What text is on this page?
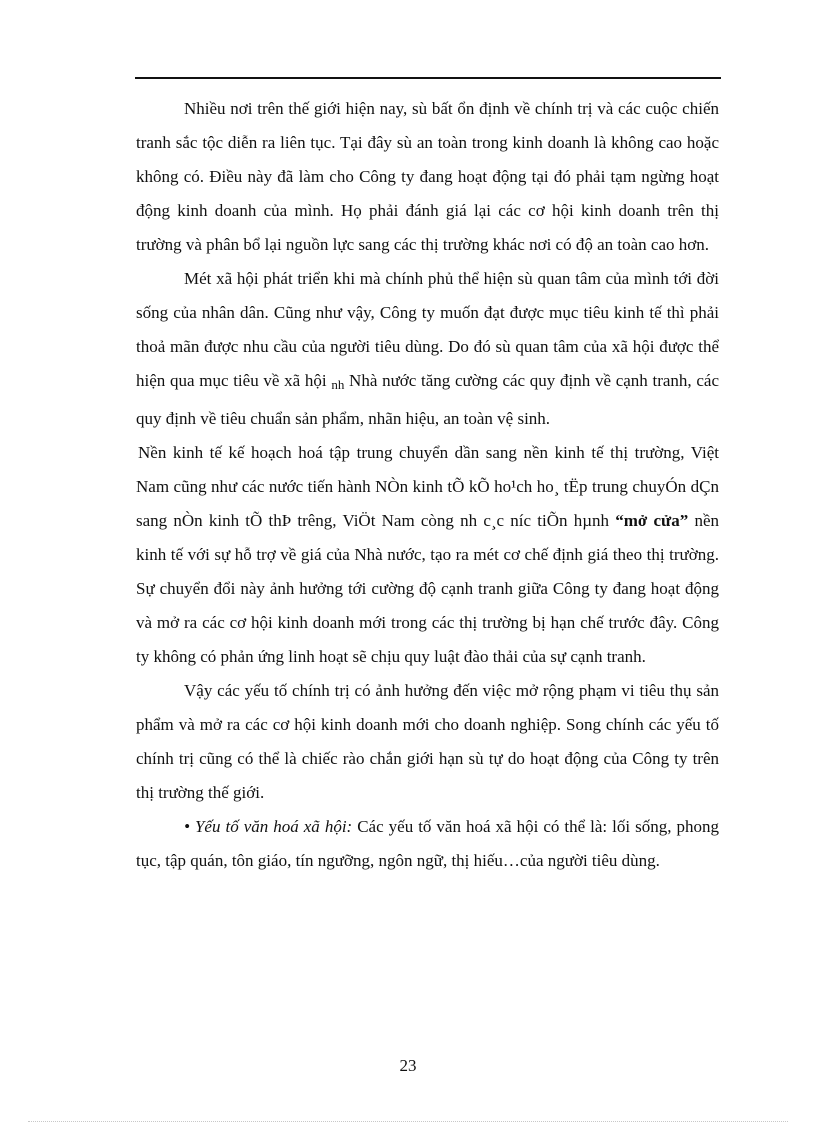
Nhiều nơi trên thế giới hiện nay, sù bất ổn định về chính trị và các cuộc chiến tranh sắc tộc diễn ra liên tục. Tại đây sù an toàn trong kinh doanh là không cao hoặc không có. Điều này đã làm cho Công ty đang hoạt động tại đó phải tạm ngừng hoạt động kinh doanh của mình. Họ phải đánh giá lại các cơ hội kinh doanh trên thị trường và phân bổ lại nguồn lực sang các thị trường khác nơi có độ an toàn cao hơn.

Mét xã hội phát triển khi mà chính phủ thể hiện sù quan tâm của mình tới đời sống của nhân dân. Cũng như vậy, Công ty muốn đạt được mục tiêu kinh tế thì phải thoả mãn được nhu cầu của người tiêu dùng. Do đó sù quan tâm của xã hội được thể hiện qua mục tiêu về xã hội nh Nhà nước tăng cường các quy định về cạnh tranh, các quy định về tiêu chuẩn sản phẩm, nhãn hiệu, an toàn vệ sinh.

Nền kinh tế kế hoạch hoá tập trung chuyển dần sang nền kinh tế thị trường, Việt Nam cũng như các nước tiến hành NÒn kinh tÕ kÕ ho¹ch ho¸ tËp trung chuyÓn dÇn sang nÒn kinh tÕ thÞ trêng, ViÖt Nam còng nh c¸c níc tiÕn hµnh “mở cửa” nền kinh tế với sự hỗ trợ về giá của Nhà nước, tạo ra mét cơ chế định giá theo thị trường. Sự chuyển đổi này ảnh hưởng tới cường độ cạnh tranh giữa Công ty đang hoạt động và mở ra các cơ hội kinh doanh mới trong các thị trường bị hạn chế trước đây. Công ty không có phản ứng linh hoạt sẽ chịu quy luật đào thải của sự cạnh tranh.

Vậy các yếu tố chính trị có ảnh hưởng đến việc mở rộng phạm vi tiêu thụ sản phẩm và mở ra các cơ hội kinh doanh mới cho doanh nghiệp. Song chính các yếu tố chính trị cũng có thể là chiếc rào chắn giới hạn sù tự do hoạt động của Công ty trên thị trường thế giới.

• Yếu tố văn hoá xã hội: Các yếu tố văn hoá xã hội có thể là: lối sống, phong tục, tập quán, tôn giáo, tín ngưỡng, ngôn ngữ, thị hiếu…của người tiêu dùng.

23
